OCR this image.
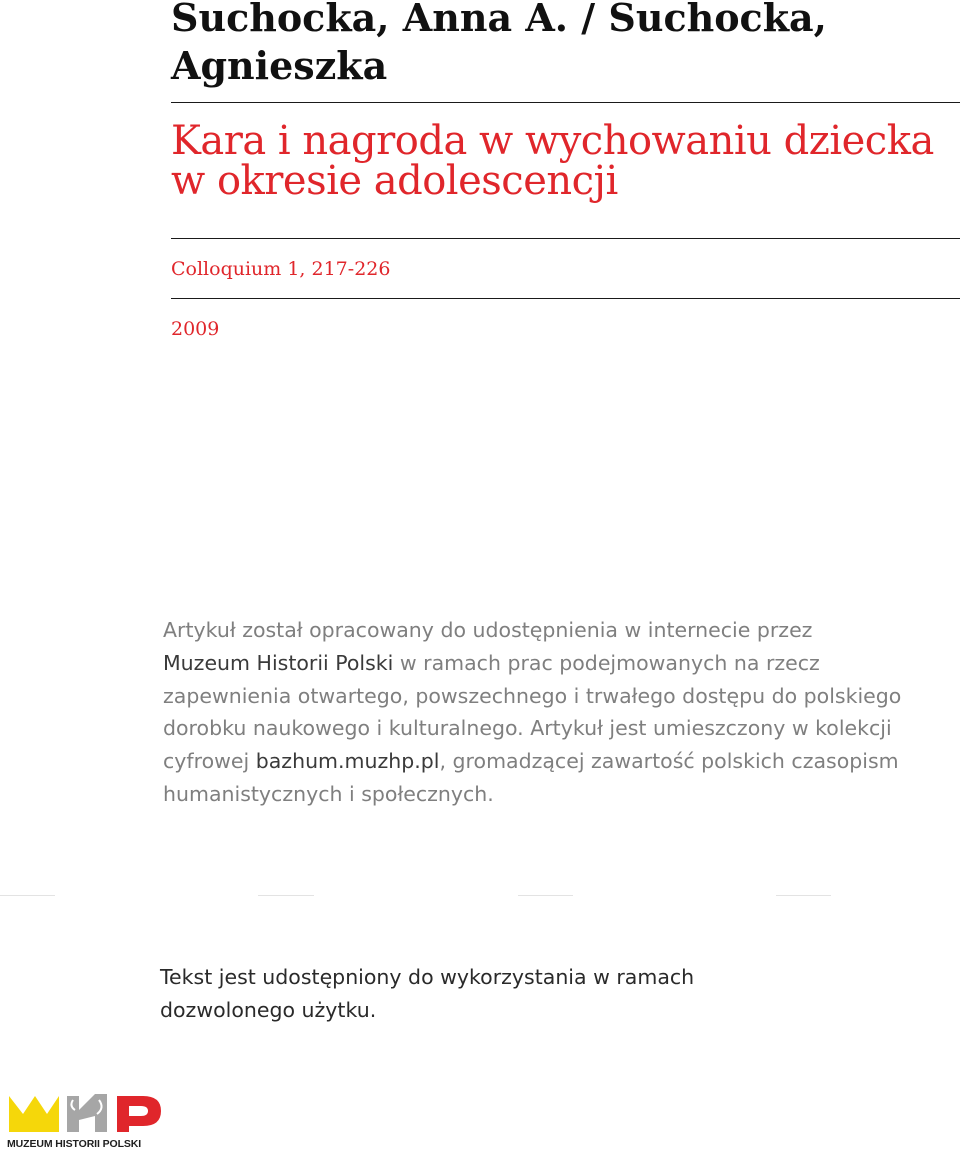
Suchocka, Anna A. / Suchocka, Agnieszka
Kara i nagroda w wychowaniu dziecka w okresie adolescencji

Colloquium 1, 217-226

2009

Artykuł został opracowany do udostępnienia w internecie przez Muzeum Historii Polski w ramach prac podejmowanych na rzecz zapewnienia otwartego, powszechnego i trwałego dostępu do polskiego dorobku naukowego i kulturalnego. Artykuł jest umieszczony w kolekcji cyfrowej bazhum.muzhp.pl, gromadzącej zawartość polskich czasopism humanistycznych i społecznych.

Tekst jest udostępniony do wykorzystania w ramach dozwolonego użytku.

MUZEUM HISTORII POLSKI
